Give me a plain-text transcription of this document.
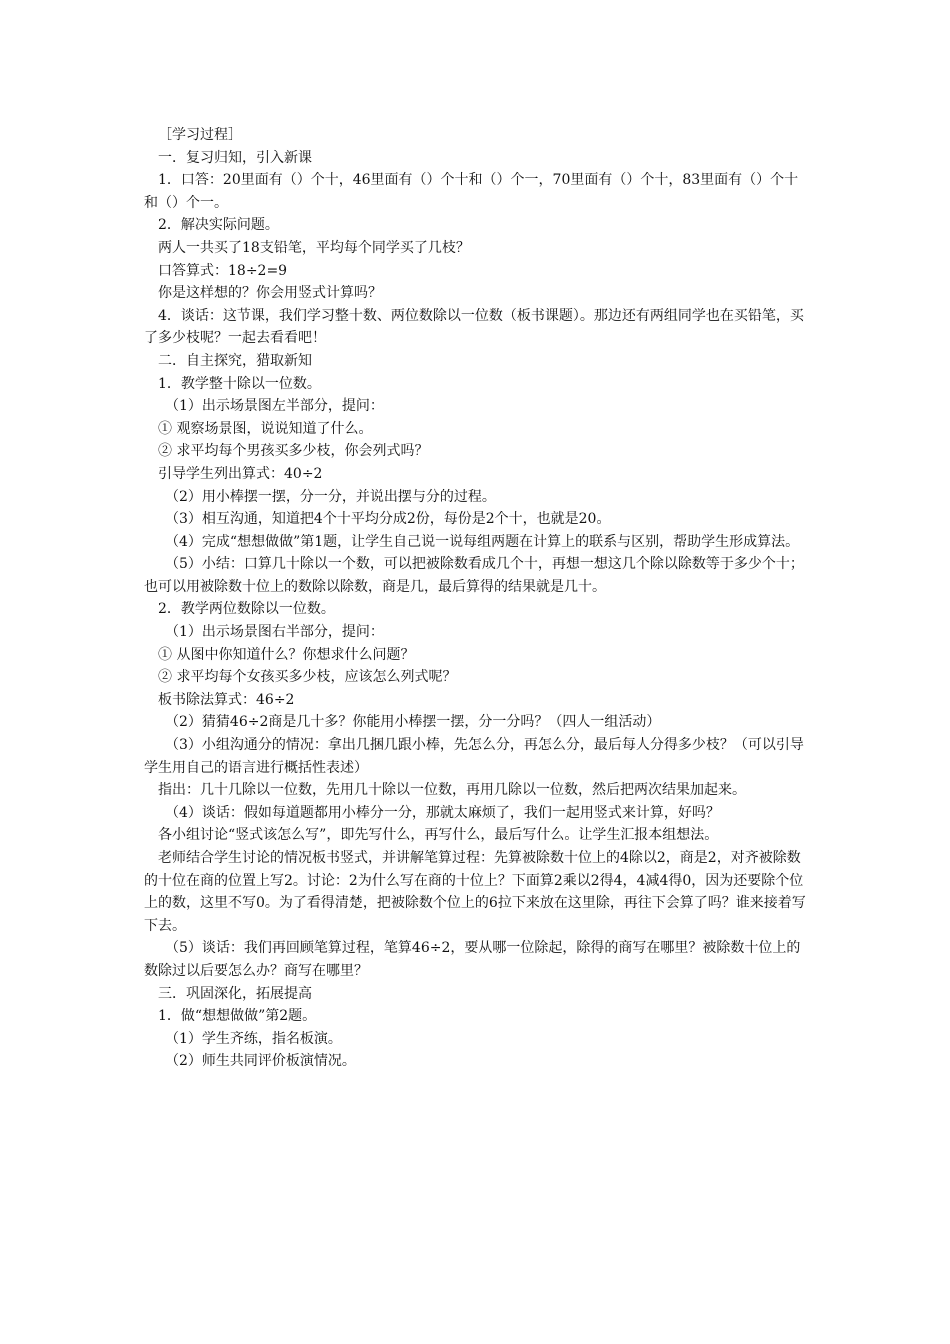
［学习过程］

一．复习归知，引入新课

1．口答：20里面有（）个十，46里面有（）个十和（）个一，70里面有（）个十，83里面有（）个十和（）个一。

2．解决实际问题。

两人一共买了18支铅笔，平均每个同学买了几枝？

口答算式：18÷2=9

你是这样想的？你会用竖式计算吗？

4．谈话：这节课，我们学习整十数、两位数除以一位数（板书课题）。那边还有两组同学也在买铅笔，买了多少枝呢？一起去看看吧！

二．自主探究，猎取新知

1．教学整十除以一位数。

（1）出示场景图左半部分，提问：

① 观察场景图，说说知道了什么。

② 求平均每个男孩买多少枝，你会列式吗？

引导学生列出算式：40÷2

（2）用小棒摆一摆，分一分，并说出摆与分的过程。

（3）相互沟通，知道把4个十平均分成2份，每份是2个十，也就是20。

（4）完成“想想做做”第1题，让学生自己说一说每组两题在计算上的联系与区别，帮助学生形成算法。

（5）小结：口算几十除以一个数，可以把被除数看成几个十，再想一想这几个除以除数等于多少个十；也可以用被除数十位上的数除以除数，商是几，最后算得的结果就是几十。

2．教学两位数除以一位数。

（1）出示场景图右半部分，提问：

① 从图中你知道什么？你想求什么问题？

② 求平均每个女孩买多少枝，应该怎么列式呢？

板书除法算式：46÷2

（2）猜猜46÷2商是几十多？你能用小棒摆一摆，分一分吗？（四人一组活动）

（3）小组沟通分的情况：拿出几捆几跟小棒，先怎么分，再怎么分，最后每人分得多少枝？（可以引导学生用自己的语言进行概括性表述）

指出：几十几除以一位数，先用几十除以一位数，再用几除以一位数，然后把两次结果加起来。

（4）谈话：假如每道题都用小棒分一分，那就太麻烦了，我们一起用竖式来计算，好吗？

各小组讨论“竖式该怎么写”，即先写什么，再写什么，最后写什么。让学生汇报本组想法。

老师结合学生讨论的情况板书竖式，并讲解笔算过程：先算被除数十位上的4除以2，商是2，对齐被除数的十位在商的位置上写2。讨论：2为什么写在商的十位上？下面算2乘以2得4，4减4得0，因为还要除个位上的数，这里不写0。为了看得清楚，把被除数个位上的6拉下来放在这里除，再往下会算了吗？谁来接着写下去。

（5）谈话：我们再回顾笔算过程，笔算46÷2，要从哪一位除起，除得的商写在哪里？被除数十位上的数除过以后要怎么办？商写在哪里？

三．巩固深化，拓展提高

1．做“想想做做”第2题。

（1）学生齐练，指名板演。

（2）师生共同评价板演情况。
